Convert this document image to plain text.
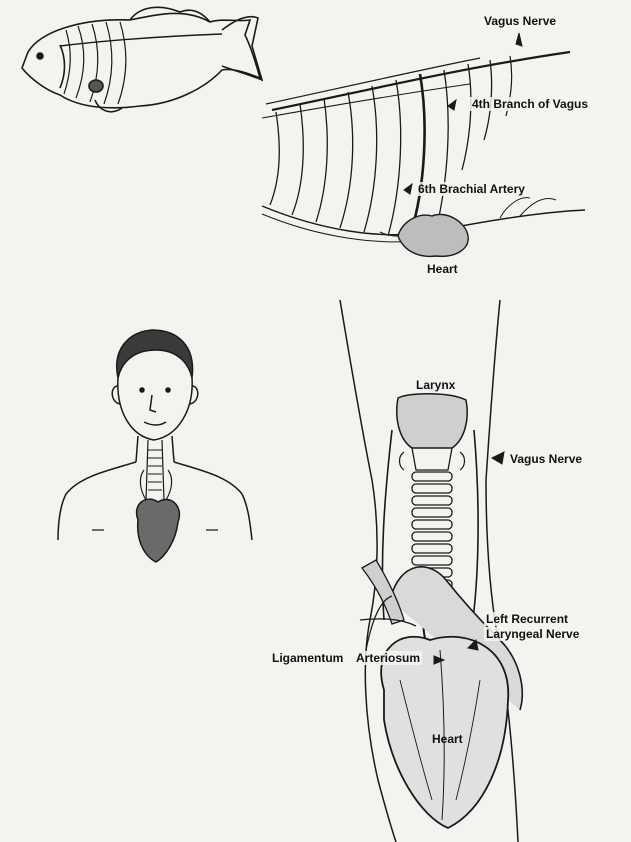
Vagus Nerve
4th Branch of Vagus
6th Brachial Artery
Heart
Larynx
Vagus Nerve
Left Recurrent
Laryngeal Nerve
Ligamentum Arteriosum
Heart
